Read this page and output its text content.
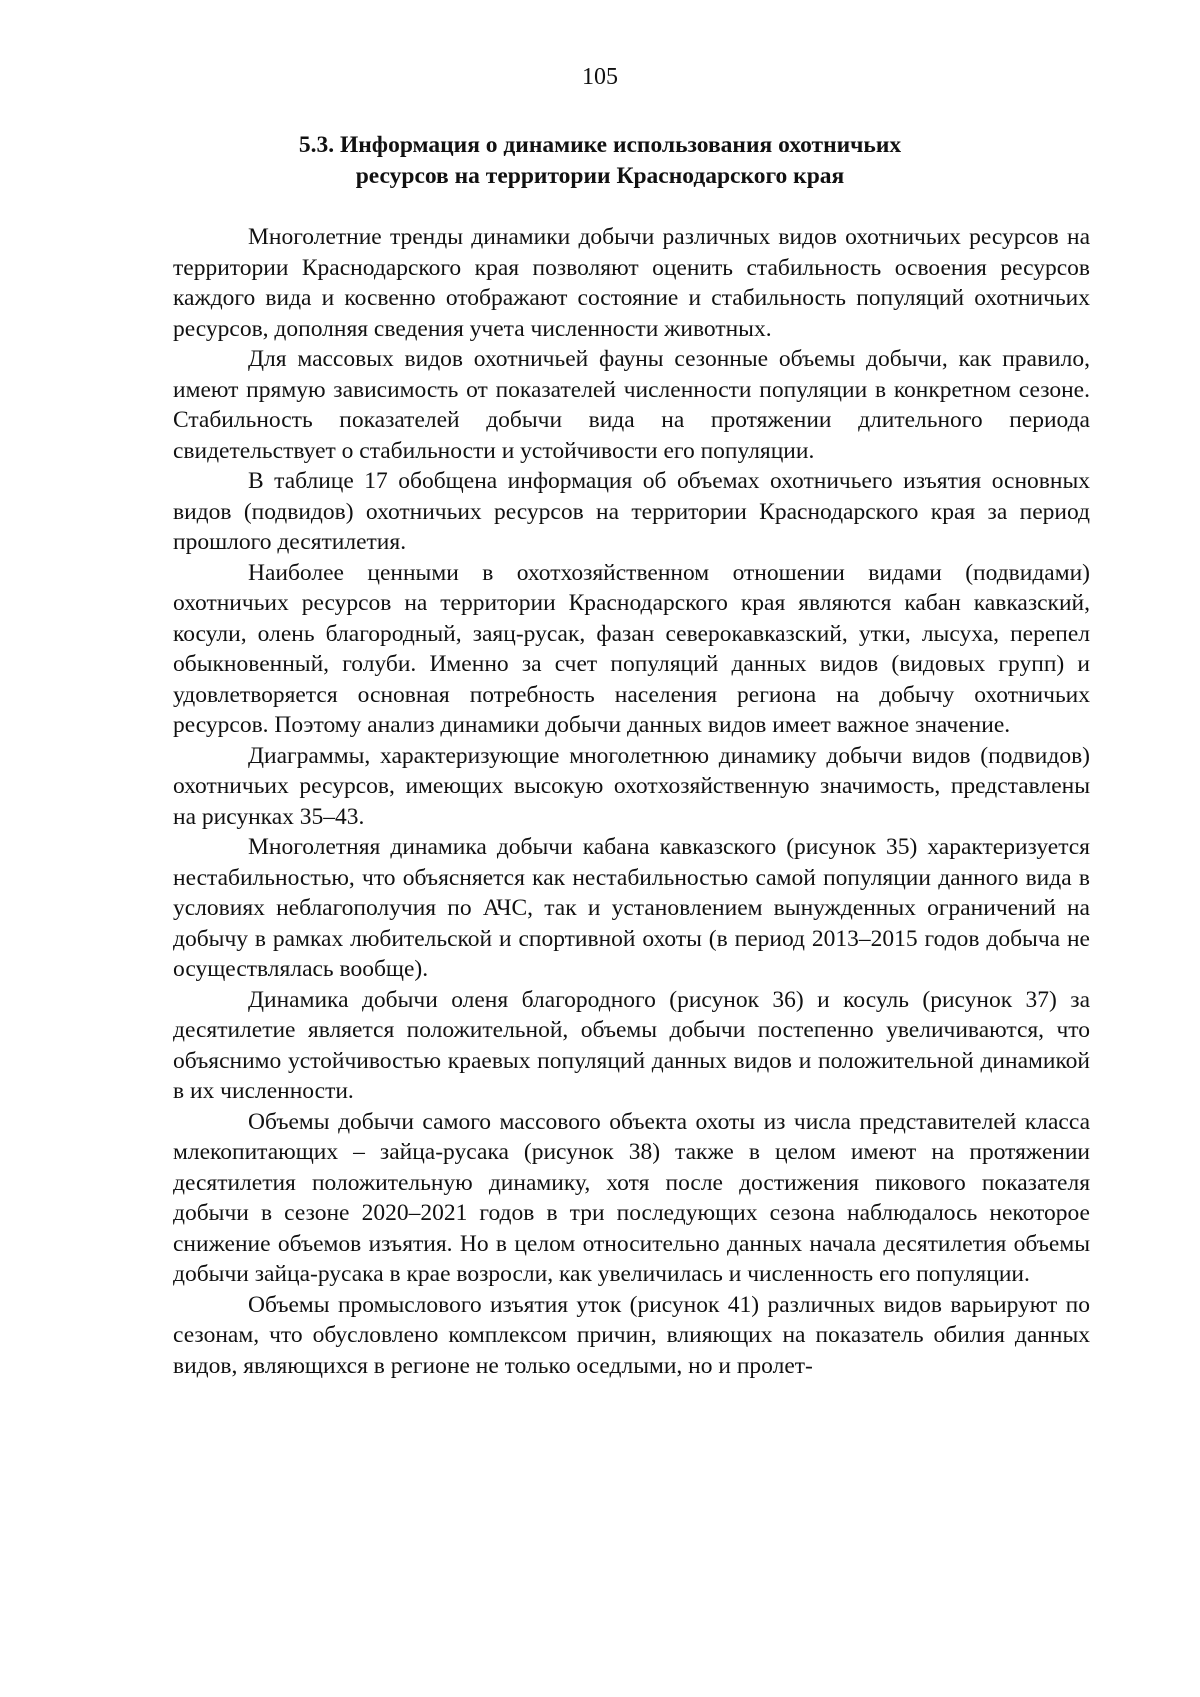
105
5.3. Информация о динамике использования охотничьих
ресурсов на территории Краснодарского края

Многолетние тренды динамики добычи различных видов охотничьих ресурсов на территории Краснодарского края позволяют оценить стабильность освоения ресурсов каждого вида и косвенно отображают состояние и стабильность популяций охотничьих ресурсов, дополняя сведения учета численности животных.

Для массовых видов охотничьей фауны сезонные объемы добычи, как правило, имеют прямую зависимость от показателей численности популяции в конкретном сезоне. Стабильность показателей добычи вида на протяжении длительного периода свидетельствует о стабильности и устойчивости его популяции.

В таблице 17 обобщена информация об объемах охотничьего изъятия основных видов (подвидов) охотничьих ресурсов на территории Краснодарского края за период прошлого десятилетия.

Наиболее ценными в охотхозяйственном отношении видами (подвидами) охотничьих ресурсов на территории Краснодарского края являются кабан кавказский, косули, олень благородный, заяц-русак, фазан северокавказский, утки, лысуха, перепел обыкновенный, голуби. Именно за счет популяций данных видов (видовых групп) и удовлетворяется основная потребность населения региона на добычу охотничьих ресурсов. Поэтому анализ динамики добычи данных видов имеет важное значение.

Диаграммы, характеризующие многолетнюю динамику добычи видов (подвидов) охотничьих ресурсов, имеющих высокую охотхозяйственную значимость, представлены на рисунках 35–43.

Многолетняя динамика добычи кабана кавказского (рисунок 35) характеризуется нестабильностью, что объясняется как нестабильностью самой популяции данного вида в условиях неблагополучия по АЧС, так и установлением вынужденных ограничений на добычу в рамках любительской и спортивной охоты (в период 2013–2015 годов добыча не осуществлялась вообще).

Динамика добычи оленя благородного (рисунок 36) и косуль (рисунок 37) за десятилетие является положительной, объемы добычи постепенно увеличиваются, что объяснимо устойчивостью краевых популяций данных видов и положительной динамикой в их численности.

Объемы добычи самого массового объекта охоты из числа представителей класса млекопитающих – зайца-русака (рисунок 38) также в целом имеют на протяжении десятилетия положительную динамику, хотя после достижения пикового показателя добычи в сезоне 2020–2021 годов в три последующих сезона наблюдалось некоторое снижение объемов изъятия. Но в целом относительно данных начала десятилетия объемы добычи зайца-русака в крае возросли, как увеличилась и численность его популяции.

Объемы промыслового изъятия уток (рисунок 41) различных видов варьируют по сезонам, что обусловлено комплексом причин, влияющих на показатель обилия данных видов, являющихся в регионе не только оседлыми, но и пролет-
